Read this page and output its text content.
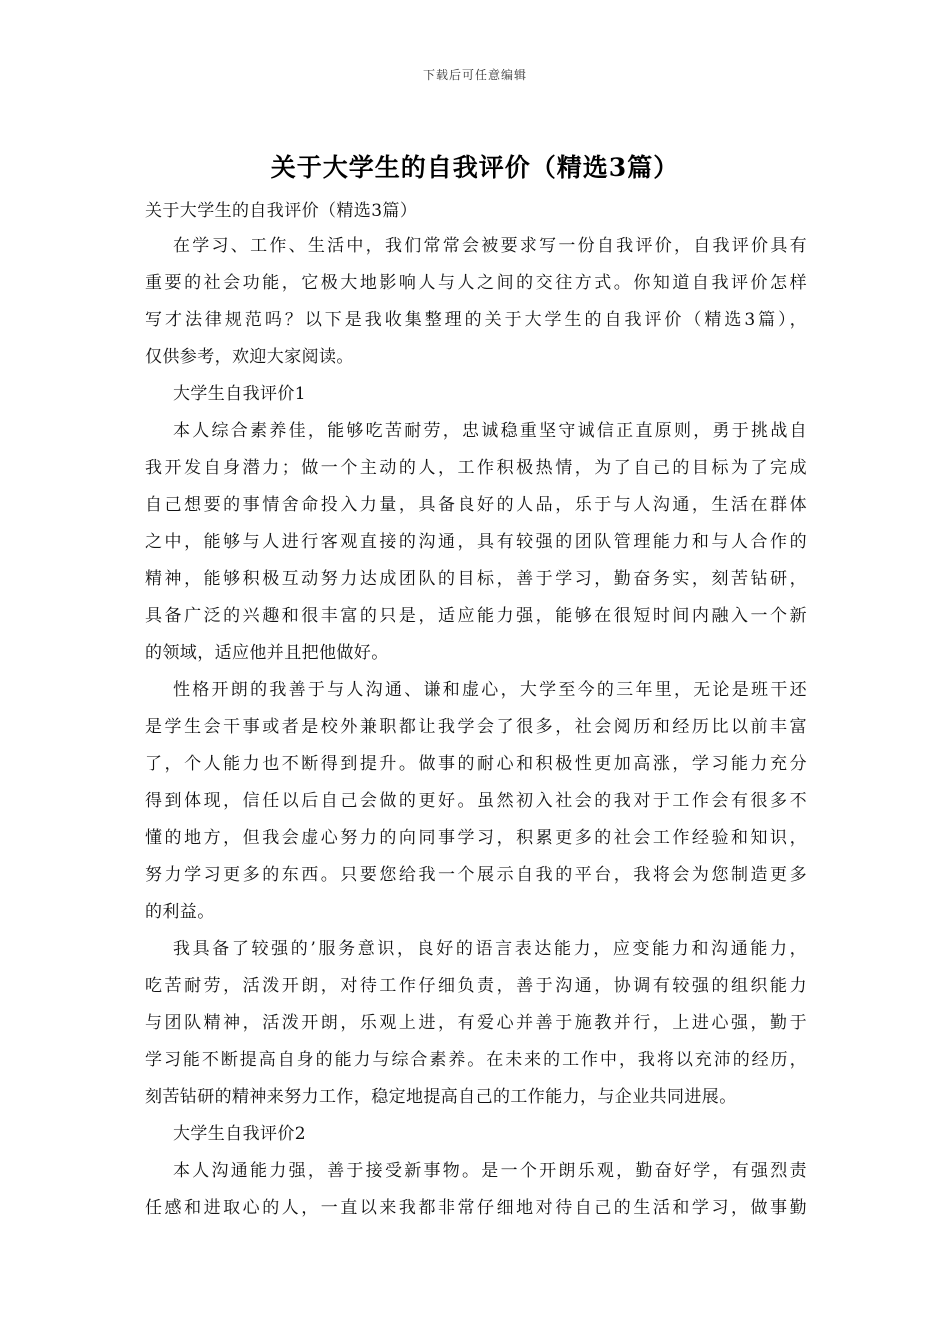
下载后可任意编辑
关于大学生的自我评价（精选3篇）
关于大学生的自我评价（精选3篇）
在学习、工作、生活中，我们常常会被要求写一份自我评价，自我评价具有
重要的社会功能，它极大地影响人与人之间的交往方式。你知道自我评价怎样
写才法律规范吗？以下是我收集整理的关于大学生的自我评价（精选3篇），
仅供参考，欢迎大家阅读。
大学生自我评价1
本人综合素养佳，能够吃苦耐劳，忠诚稳重坚守诚信正直原则，勇于挑战自
我开发自身潜力；做一个主动的人，工作积极热情，为了自己的目标为了完成
自己想要的事情舍命投入力量，具备良好的人品，乐于与人沟通，生活在群体
之中，能够与人进行客观直接的沟通，具有较强的团队管理能力和与人合作的
精神，能够积极互动努力达成团队的目标，善于学习，勤奋务实，刻苦钻研，
具备广泛的兴趣和很丰富的只是，适应能力强，能够在很短时间内融入一个新
的领域，适应他并且把他做好。
性格开朗的我善于与人沟通、谦和虚心，大学至今的三年里，无论是班干还
是学生会干事或者是校外兼职都让我学会了很多，社会阅历和经历比以前丰富
了，个人能力也不断得到提升。做事的耐心和积极性更加高涨，学习能力充分
得到体现，信任以后自己会做的更好。虽然初入社会的我对于工作会有很多不
懂的地方，但我会虚心努力的向同事学习，积累更多的社会工作经验和知识，
努力学习更多的东西。只要您给我一个展示自我的平台，我将会为您制造更多
的利益。
我具备了较强的’服务意识，良好的语言表达能力，应变能力和沟通能力，
吃苦耐劳，活泼开朗，对待工作仔细负责，善于沟通，协调有较强的组织能力
与团队精神，活泼开朗，乐观上进，有爱心并善于施教并行，上进心强，勤于
学习能不断提高自身的能力与综合素养。在未来的工作中，我将以充沛的经历，
刻苦钻研的精神来努力工作，稳定地提高自己的工作能力，与企业共同进展。
大学生自我评价2
本人沟通能力强，善于接受新事物。是一个开朗乐观，勤奋好学，有强烈责
任感和进取心的人，一直以来我都非常仔细地对待自己的生活和学习，做事勤
